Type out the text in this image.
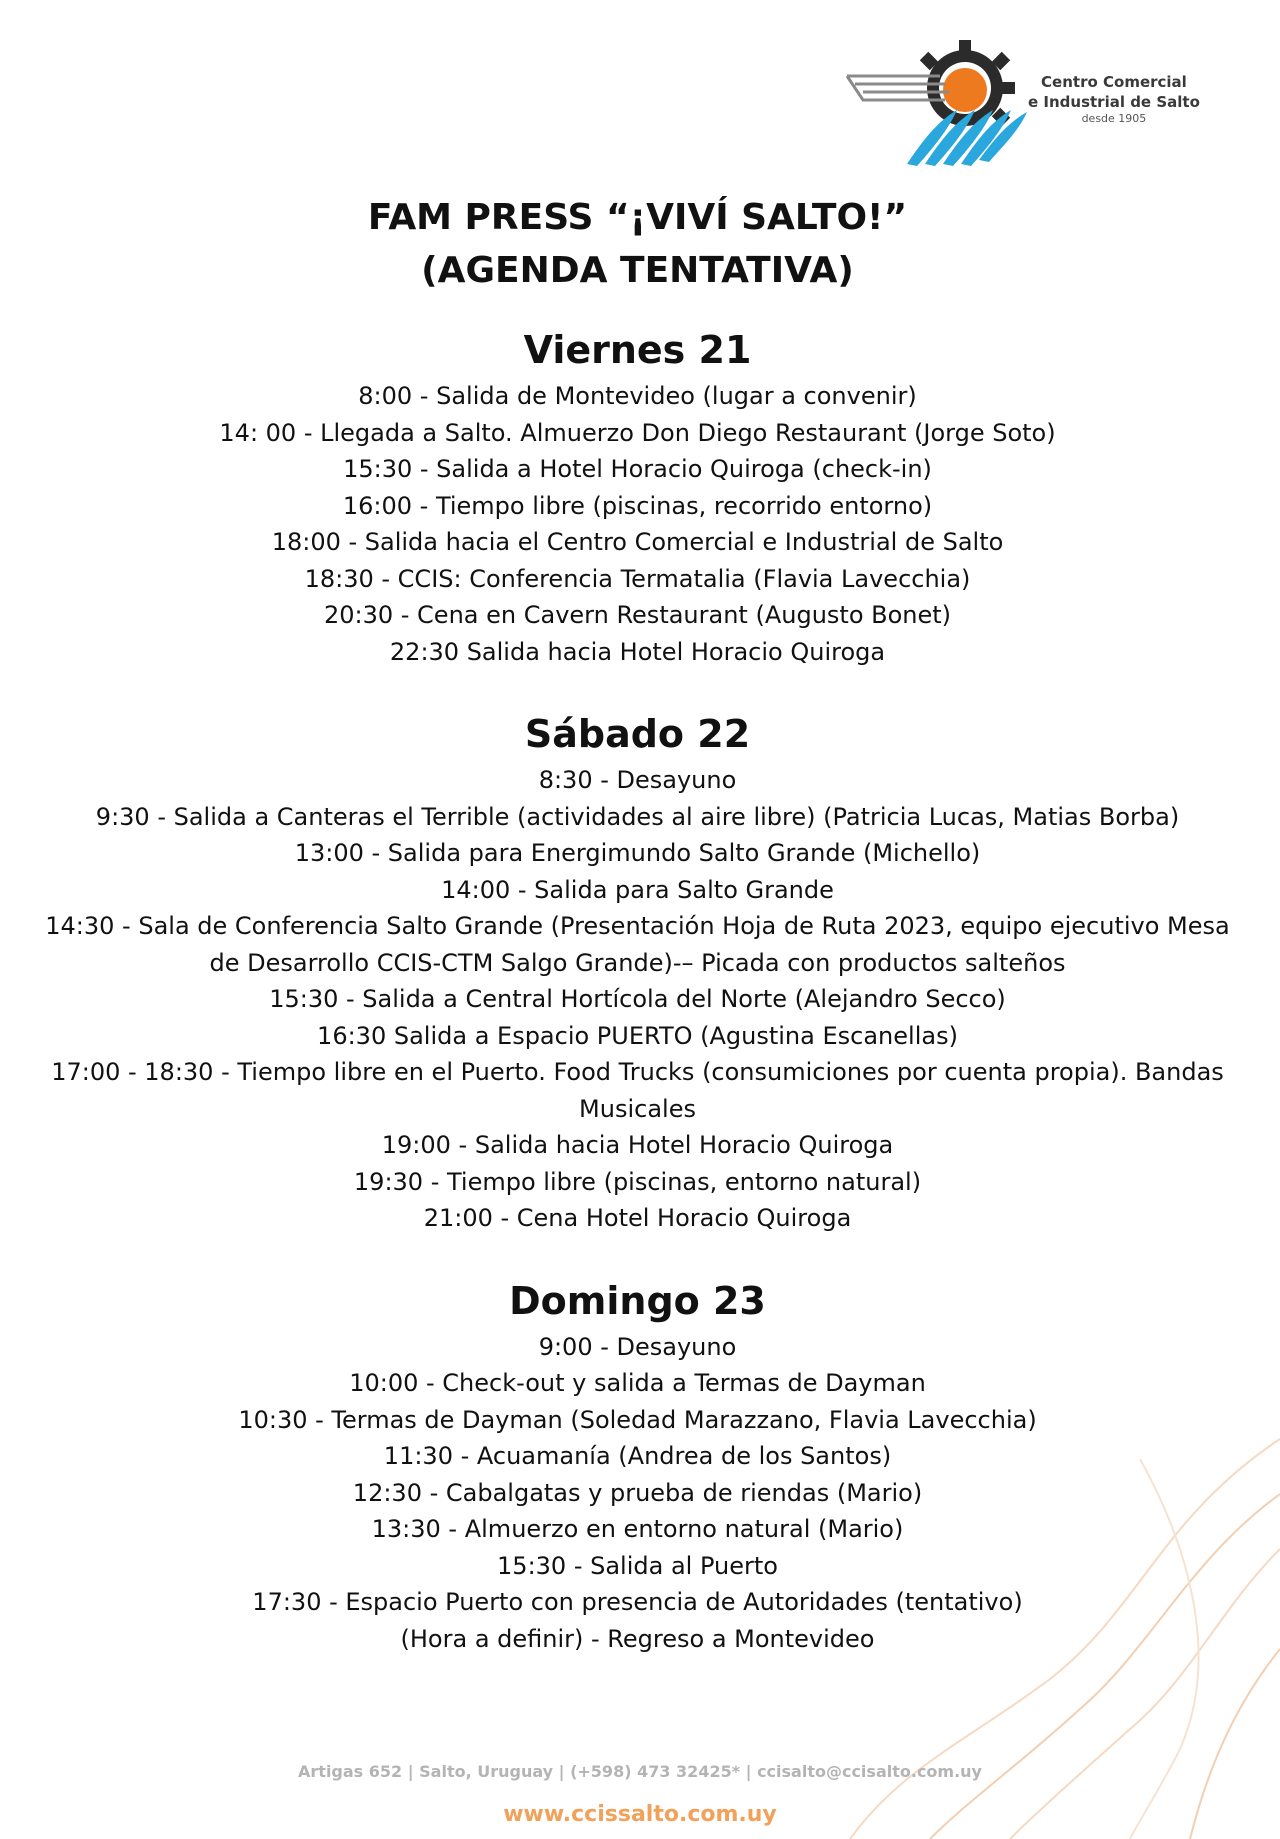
Centro Comercial
e Industrial de Salto
desde 1905
FAM PRESS “¡VIVÍ SALTO!”
(AGENDA TENTATIVA)
Viernes 21
8:00 - Salida de Montevideo (lugar a convenir)
14: 00 - Llegada a Salto. Almuerzo Don Diego Restaurant (Jorge Soto)
15:30 - Salida a Hotel Horacio Quiroga (check-in)
16:00 - Tiempo libre (piscinas, recorrido entorno)
18:00 - Salida hacia el Centro Comercial e Industrial de Salto
18:30 - CCIS: Conferencia Termatalia (Flavia Lavecchia)
20:30 - Cena en Cavern Restaurant (Augusto Bonet)
22:30 Salida hacia Hotel Horacio Quiroga
Sábado 22
8:30 - Desayuno
9:30 - Salida a Canteras el Terrible (actividades al aire libre) (Patricia Lucas, Matias Borba)
13:00 - Salida para Energimundo Salto Grande (Michello)
14:00 - Salida para Salto Grande
14:30 - Sala de Conferencia Salto Grande (Presentación Hoja de Ruta 2023, equipo ejecutivo Mesa de Desarrollo CCIS-CTM Salgo Grande)-– Picada con productos salteños
15:30 - Salida a Central Hortícola del Norte (Alejandro Secco)
16:30 Salida a Espacio PUERTO (Agustina Escanellas)
17:00 - 18:30 - Tiempo libre en el Puerto. Food Trucks (consumiciones por cuenta propia). Bandas Musicales
19:00 - Salida hacia Hotel Horacio Quiroga
19:30 - Tiempo libre (piscinas, entorno natural)
21:00 - Cena Hotel Horacio Quiroga
Domingo 23
9:00 - Desayuno
10:00 - Check-out y salida a Termas de Dayman
10:30 - Termas de Dayman (Soledad Marazzano, Flavia Lavecchia)
11:30 - Acuamanía (Andrea de los Santos)
12:30 - Cabalgatas y prueba de riendas (Mario)
13:30 - Almuerzo en entorno natural (Mario)
15:30 - Salida al Puerto
17:30 - Espacio Puerto con presencia de Autoridades (tentativo)
(Hora a definir) - Regreso a Montevideo
Artigas 652 | Salto, Uruguay | (+598) 473 32425* | ccisalto@ccisalto.com.uy
www.ccissalto.com.uy
